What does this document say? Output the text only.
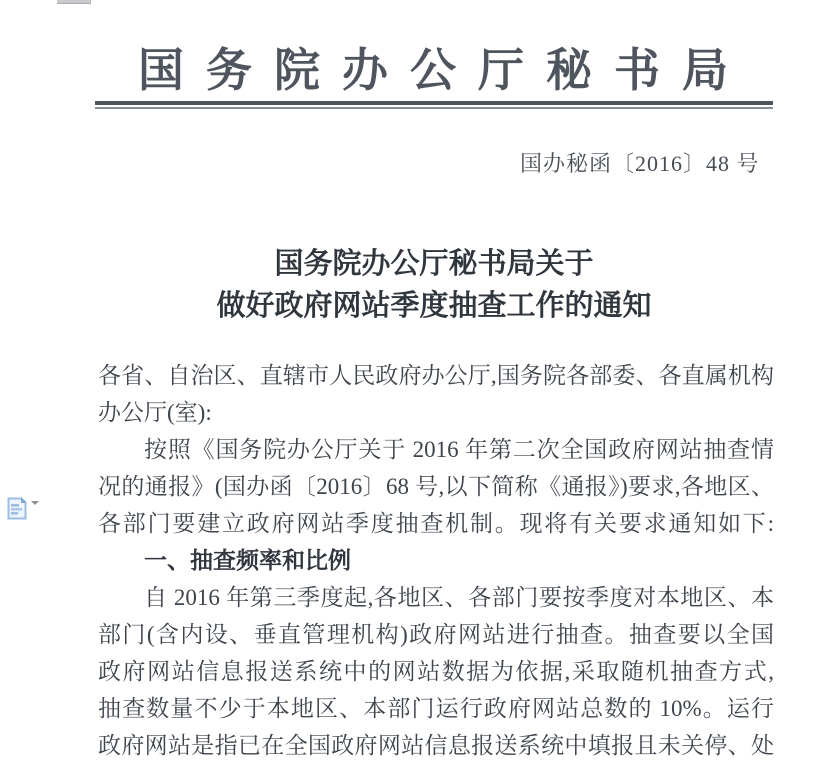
国务院办公厅秘书局
国办秘函〔2016〕48 号
国务院办公厅秘书局关于
做好政府网站季度抽查工作的通知
各省、自治区、直辖市人民政府办公厅,国务院各部委、各直属机构
办公厅(室):
按照《国务院办公厅关于 2016 年第二次全国政府网站抽查情
况的通报》(国办函〔2016〕68 号,以下简称《通报》)要求,各地区、
各部门要建立政府网站季度抽查机制。现将有关要求通知如下:
一、抽查频率和比例
自 2016 年第三季度起,各地区、各部门要按季度对本地区、本
部门(含内设、垂直管理机构)政府网站进行抽查。抽查要以全国
政府网站信息报送系统中的网站数据为依据,采取随机抽查方式,
抽查数量不少于本地区、本部门运行政府网站总数的 10%。运行
政府网站是指已在全国政府网站信息报送系统中填报且未关停、处
